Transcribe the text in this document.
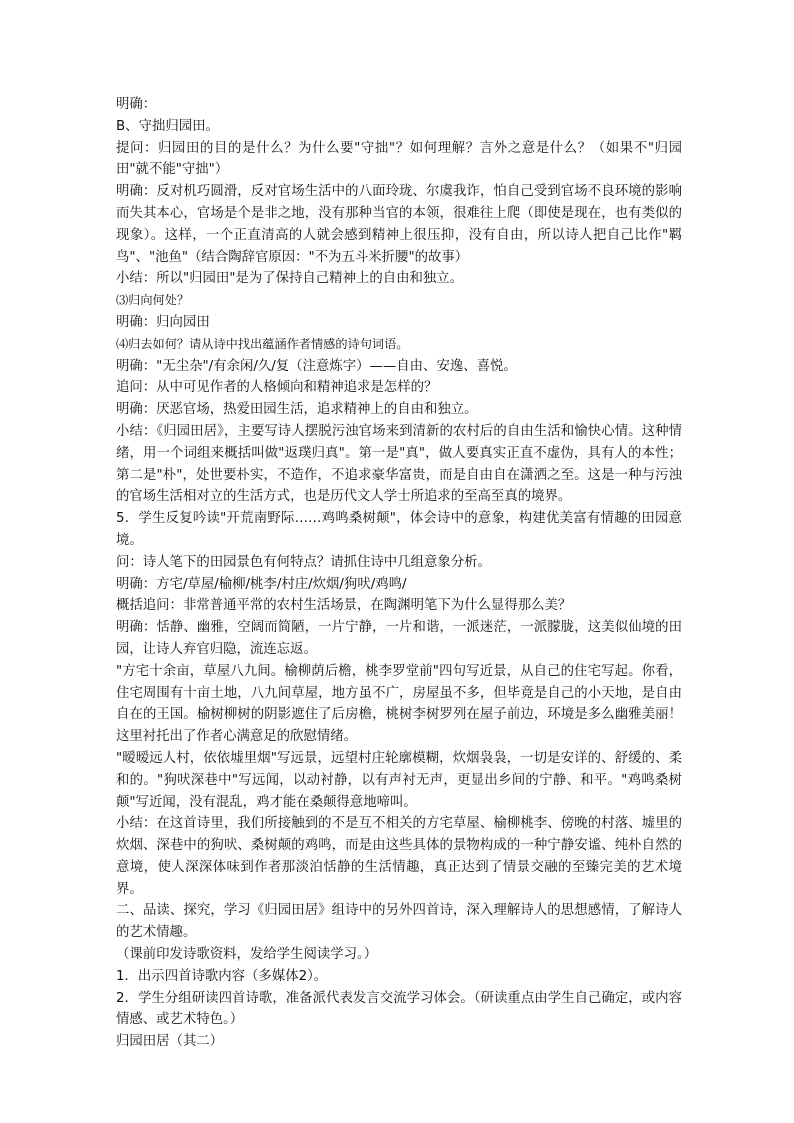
明确：

B、守拙归园田。

提问：归园田的目的是什么？为什么要"守拙"？如何理解？言外之意是什么？（如果不"归园田"就不能"守拙"）

明确：反对机巧圆滑，反对官场生活中的八面玲珑、尔虞我诈，怕自己受到官场不良环境的影响而失其本心，官场是个是非之地，没有那种当官的本领，很难往上爬（即使是现在，也有类似的现象）。这样，一个正直清高的人就会感到精神上很压抑，没有自由，所以诗人把自己比作"羁鸟"、"池鱼"（结合陶辞官原因："不为五斗米折腰"的故事）

小结：所以"归园田"是为了保持自己精神上的自由和独立。

⑶归向何处？

明确：归向园田

⑷归去如何？请从诗中找出蕴涵作者情感的诗句词语。

明确："无尘杂"/有余闲/久/复（注意炼字）——自由、安逸、喜悦。

追问：从中可见作者的人格倾向和精神追求是怎样的？

明确：厌恶官场，热爱田园生活，追求精神上的自由和独立。

小结：《归园田居》，主要写诗人摆脱污浊官场来到清新的农村后的自由生活和愉快心情。这种情绪，用一个词组来概括叫做"返璞归真"。第一是"真"，做人要真实正直不虚伪，具有人的本性；第二是"朴"，处世要朴实，不造作，不追求豪华富贵，而是自由自在潇洒之至。这是一种与污浊的官场生活相对立的生活方式，也是历代文人学士所追求的至高至真的境界。

5．学生反复吟读"开荒南野际……鸡鸣桑树颠"，体会诗中的意象，构建优美富有情趣的田园意境。

问：诗人笔下的田园景色有何特点？请抓住诗中几组意象分析。

明确：方宅/草屋/榆柳/桃李/村庄/炊烟/狗吠/鸡鸣/

概括追问：非常普通平常的农村生活场景，在陶渊明笔下为什么显得那么美？

明确：恬静、幽雅，空阔而简陋，一片宁静，一片和谐，一派迷茫，一派朦胧，这美似仙境的田园，让诗人弃官归隐，流连忘返。

"方宅十余亩，草屋八九间。榆柳荫后檐，桃李罗堂前"四句写近景，从自己的住宅写起。你看，住宅周围有十亩土地，八九间草屋，地方虽不广，房屋虽不多，但毕竟是自己的小天地，是自由自在的王国。榆树柳树的阴影遮住了后房檐，桃树李树罗列在屋子前边，环境是多么幽雅美丽！这里衬托出了作者心满意足的欣慰情绪。

"暧暧远人村，依依墟里烟"写远景，远望村庄轮廓模糊，炊烟袅袅，一切是安详的、舒缓的、柔和的。"狗吠深巷中"写远闻，以动衬静，以有声衬无声，更显出乡间的宁静、和平。"鸡鸣桑树颠"写近闻，没有混乱，鸡才能在桑颠得意地啼叫。

小结：在这首诗里，我们所接触到的不是互不相关的方宅草屋、榆柳桃李、傍晚的村落、墟里的炊烟、深巷中的狗吠、桑树颠的鸡鸣，而是由这些具体的景物构成的一种宁静安谧、纯朴自然的意境，使人深深体味到作者那淡泊恬静的生活情趣，真正达到了情景交融的至臻完美的艺术境界。

二、品读、探究，学习《归园田居》组诗中的另外四首诗，深入理解诗人的思想感情，了解诗人的艺术情趣。

（课前印发诗歌资料，发给学生阅读学习。）

1．出示四首诗歌内容（多媒体2）。

2．学生分组研读四首诗歌，准备派代表发言交流学习体会。（研读重点由学生自己确定，或内容情感、或艺术特色。）

归园田居（其二）
